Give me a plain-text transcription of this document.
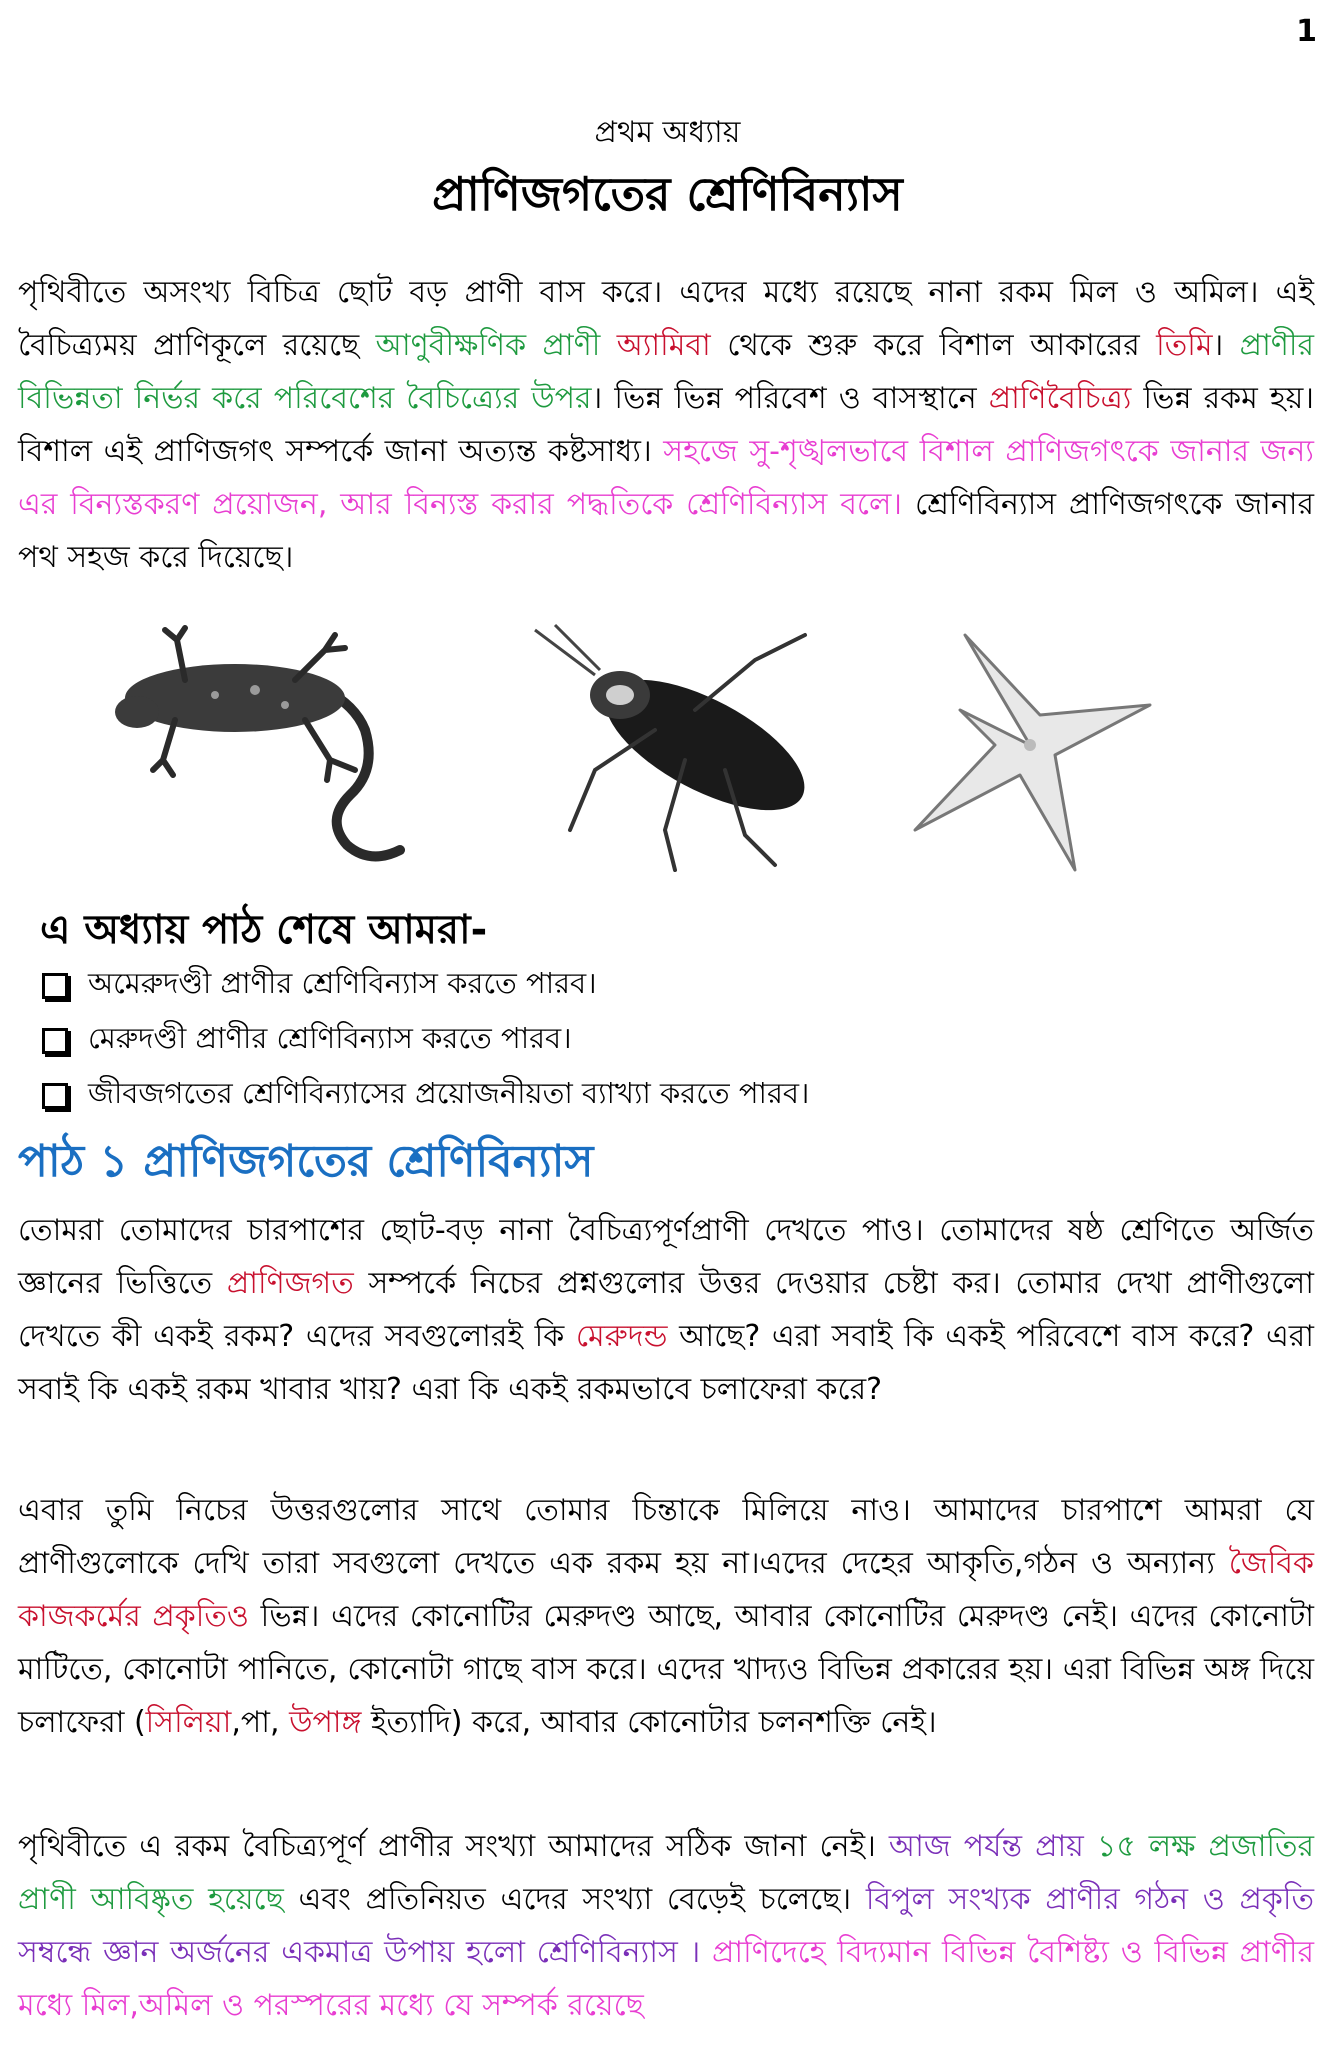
1
প্রথম অধ্যায়
প্রাণিজগতের শ্রেণিবিন্যাস
পৃথিবীতে অসংখ্য বিচিত্র ছোট বড় প্রাণী বাস করে। এদের মধ্যে রয়েছে নানা রকম মিল ও অমিল। এই বৈচিত্র্যময় প্রাণিকূলে রয়েছে আণুবীক্ষণিক প্রাণী অ্যামিবা থেকে শুরু করে বিশাল আকারের তিমি। প্রাণীর বিভিন্নতা নির্ভর করে পরিবেশের বৈচিত্র্যের উপর। ভিন্ন ভিন্ন পরিবেশ ও বাসস্থানে প্রাণিবৈচিত্র্য ভিন্ন রকম হয়। বিশাল এই প্রাণিজগৎ সম্পর্কে জানা অত্যন্ত কষ্টসাধ্য। সহজে সু-শৃঙ্খলভাবে বিশাল প্রাণিজগৎকে জানার জন্য এর বিন্যস্তকরণ প্রয়োজন, আর বিন্যস্ত করার পদ্ধতিকে শ্রেণিবিন্যাস বলে। শ্রেণিবিন্যাস প্রাণিজগৎকে জানার পথ সহজ করে দিয়েছে।
এ অধ্যায় পাঠ শেষে আমরা-
অমেরুদণ্ডী প্রাণীর শ্রেণিবিন্যাস করতে পারব।
মেরুদণ্ডী প্রাণীর শ্রেণিবিন্যাস করতে পারব।
জীবজগতের শ্রেণিবিন্যাসের প্রয়োজনীয়তা ব্যাখ্যা করতে পারব।
পাঠ ১ প্রাণিজগতের শ্রেণিবিন্যাস
তোমরা তোমাদের চারপাশের ছোট-বড় নানা বৈচিত্র্যপূর্ণপ্রাণী দেখতে পাও। তোমাদের ষষ্ঠ শ্রেণিতে অর্জিত জ্ঞানের ভিত্তিতে প্রাণিজগত সম্পর্কে নিচের প্রশ্নগুলোর উত্তর দেওয়ার চেষ্টা কর। তোমার দেখা প্রাণীগুলো দেখতে কী একই রকম? এদের সবগুলোরই কি মেরুদন্ড আছে? এরা সবাই কি একই পরিবেশে বাস করে? এরা সবাই কি একই রকম খাবার খায়? এরা কি একই রকমভাবে চলাফেরা করে?
এবার তুমি নিচের উত্তরগুলোর সাথে তোমার চিন্তাকে মিলিয়ে নাও। আমাদের চারপাশে আমরা যে প্রাণীগুলোকে দেখি তারা সবগুলো দেখতে এক রকম হয় না।এদের দেহের আকৃতি,গঠন ও অন্যান্য জৈবিক কাজকর্মের প্রকৃতিও ভিন্ন। এদের কোনোটির মেরুদণ্ড আছে, আবার কোনোটির মেরুদণ্ড নেই। এদের কোনোটা মাটিতে, কোনোটা পানিতে, কোনোটা গাছে বাস করে। এদের খাদ্যও বিভিন্ন প্রকারের হয়। এরা বিভিন্ন অঙ্গ দিয়ে চলাফেরা (সিলিয়া,পা, উপাঙ্গ ইত্যাদি) করে, আবার কোনোটার চলনশক্তি নেই।
পৃথিবীতে এ রকম বৈচিত্র্যপূর্ণ প্রাণীর সংখ্যা আমাদের সঠিক জানা নেই। আজ পর্যন্ত প্রায় ১৫ লক্ষ প্রজাতির প্রাণী আবিষ্কৃত হয়েছে এবং প্রতিনিয়ত এদের সংখ্যা বেড়েই চলেছে। বিপুল সংখ্যক প্রাণীর গঠন ও প্রকৃতি সম্বন্ধে জ্ঞান অর্জনের একমাত্র উপায় হলো শ্রেণিবিন্যাস । প্রাণিদেহে বিদ্যমান বিভিন্ন বৈশিষ্ট্য ও বিভিন্ন প্রাণীর মধ্যে মিল,অমিল ও পরস্পরের মধ্যে যে সম্পর্ক রয়েছে
